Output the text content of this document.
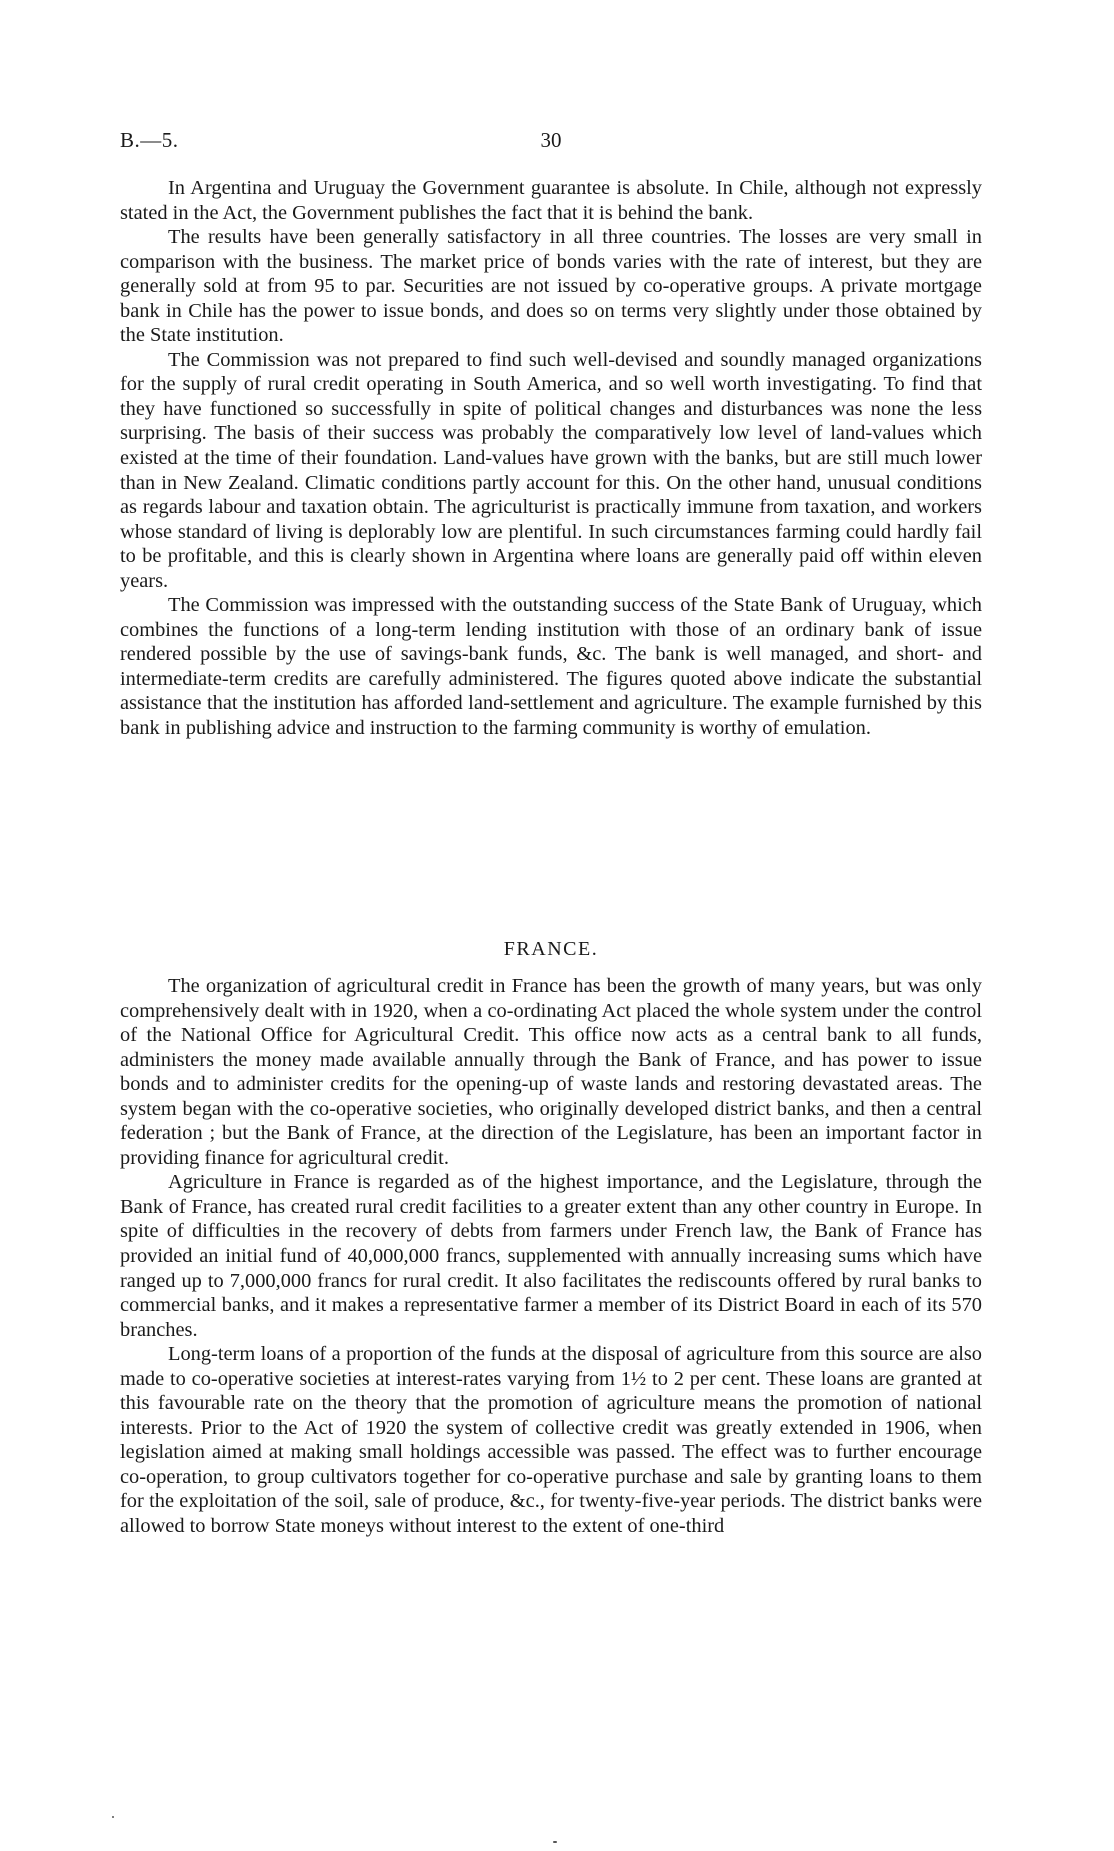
B.—5.	30

In Argentina and Uruguay the Government guarantee is absolute. In Chile, although not expressly stated in the Act, the Government publishes the fact that it is behind the bank.

The results have been generally satisfactory in all three countries. The losses are very small in comparison with the business. The market price of bonds varies with the rate of interest, but they are generally sold at from 95 to par. Securities are not issued by co-operative groups. A private mortgage bank in Chile has the power to issue bonds, and does so on terms very slightly under those obtained by the State institution.

The Commission was not prepared to find such well-devised and soundly managed organizations for the supply of rural credit operating in South America, and so well worth investigating. To find that they have functioned so successfully in spite of political changes and disturbances was none the less surprising. The basis of their success was probably the comparatively low level of land-values which existed at the time of their foundation. Land-values have grown with the banks, but are still much lower than in New Zealand. Climatic conditions partly account for this. On the other hand, unusual conditions as regards labour and taxation obtain. The agriculturist is practically immune from taxation, and workers whose standard of living is deplorably low are plentiful. In such circumstances farming could hardly fail to be profitable, and this is clearly shown in Argentina where loans are generally paid off within eleven years.

The Commission was impressed with the outstanding success of the State Bank of Uruguay, which combines the functions of a long-term lending institution with those of an ordinary bank of issue rendered possible by the use of savings-bank funds, &c. The bank is well managed, and short- and intermediate-term credits are carefully administered. The figures quoted above indicate the substantial assistance that the institution has afforded land-settlement and agriculture. The example furnished by this bank in publishing advice and instruction to the farming community is worthy of emulation.

FRANCE.

The organization of agricultural credit in France has been the growth of many years, but was only comprehensively dealt with in 1920, when a co-ordinating Act placed the whole system under the control of the National Office for Agricultural Credit. This office now acts as a central bank to all funds, administers the money made available annually through the Bank of France, and has power to issue bonds and to administer credits for the opening-up of waste lands and restoring devastated areas. The system began with the co-operative societies, who originally developed district banks, and then a central federation ; but the Bank of France, at the direction of the Legislature, has been an important factor in providing finance for agricultural credit.

Agriculture in France is regarded as of the highest importance, and the Legislature, through the Bank of France, has created rural credit facilities to a greater extent than any other country in Europe. In spite of difficulties in the recovery of debts from farmers under French law, the Bank of France has provided an initial fund of 40,000,000 francs, supplemented with annually increasing sums which have ranged up to 7,000,000 francs for rural credit. It also facilitates the rediscounts offered by rural banks to commercial banks, and it makes a representative farmer a member of its District Board in each of its 570 branches.

Long-term loans of a proportion of the funds at the disposal of agriculture from this source are also made to co-operative societies at interest-rates varying from 1½ to 2 per cent. These loans are granted at this favourable rate on the theory that the promotion of agriculture means the promotion of national interests. Prior to the Act of 1920 the system of collective credit was greatly extended in 1906, when legislation aimed at making small holdings accessible was passed. The effect was to further encourage co-operation, to group cultivators together for co-operative purchase and sale by granting loans to them for the exploitation of the soil, sale of produce, &c., for twenty-five-year periods. The district banks were allowed to borrow State moneys without interest to the extent of one-third
